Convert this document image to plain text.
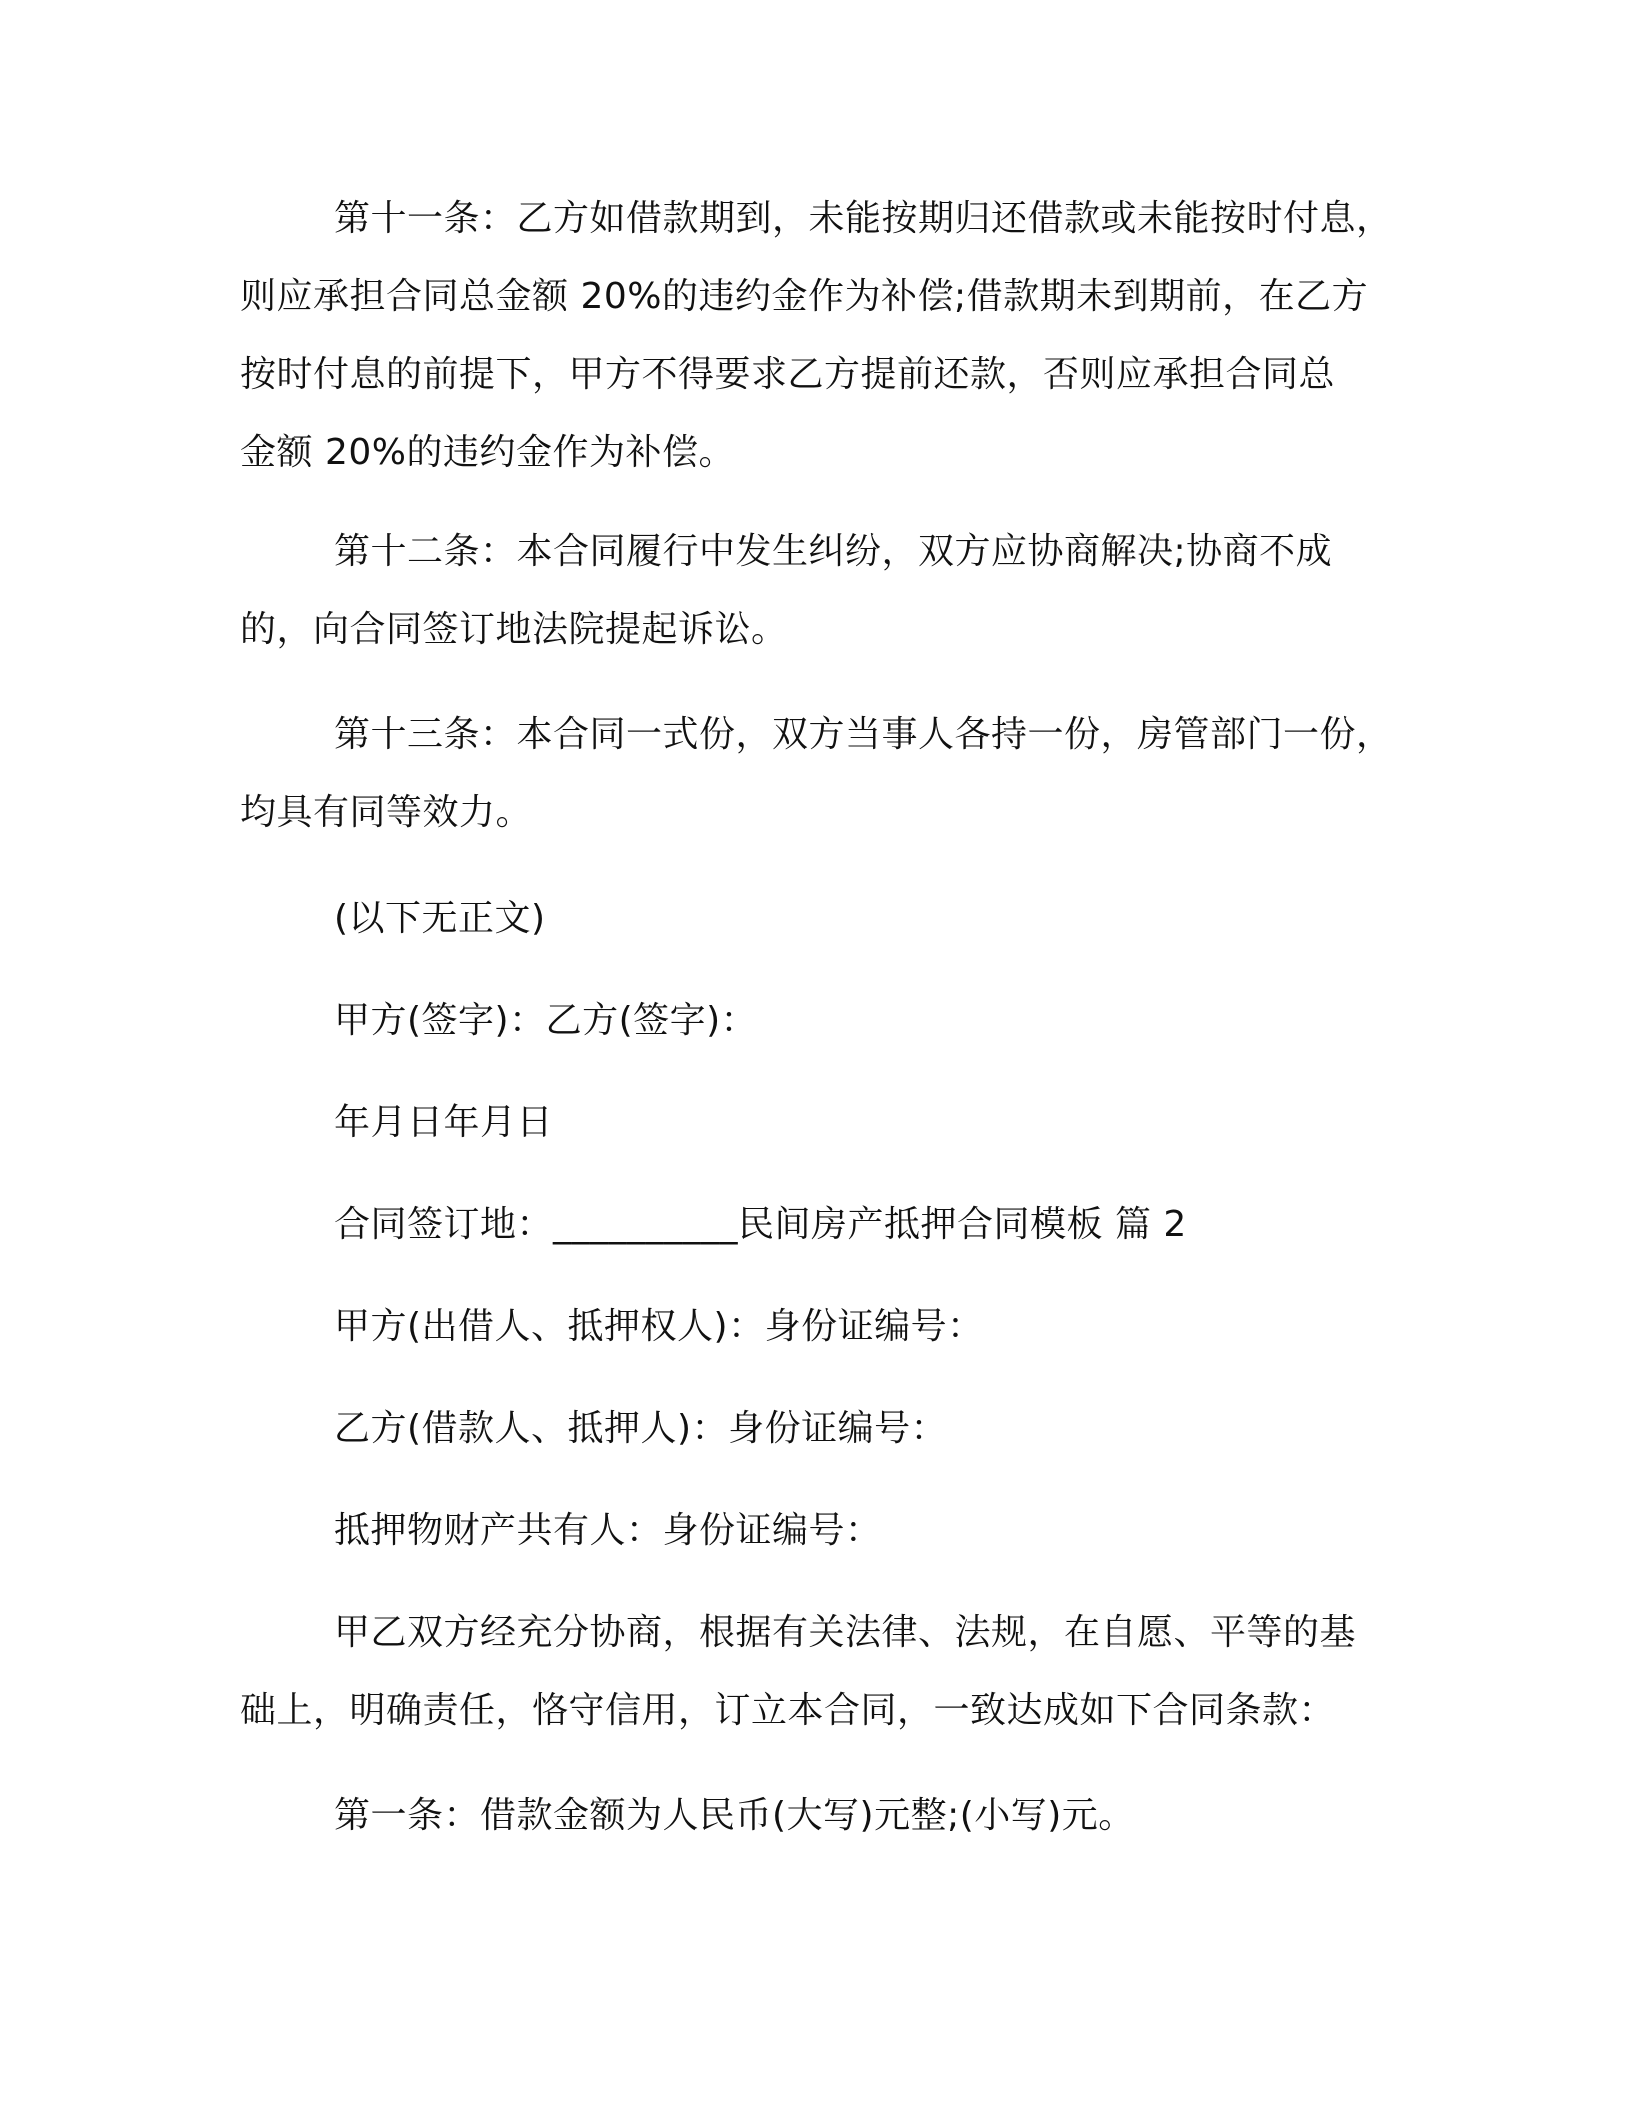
第十一条：乙方如借款期到，未能按期归还借款或未能按时付息，
则应承担合同总金额 20%的违约金作为补偿;借款期未到期前，在乙方
按时付息的前提下，甲方不得要求乙方提前还款，否则应承担合同总
金额 20%的违约金作为补偿。

第十二条：本合同履行中发生纠纷，双方应协商解决;协商不成
的，向合同签订地法院提起诉讼。

第十三条：本合同一式份，双方当事人各持一份，房管部门一份，
均具有同等效力。

(以下无正文)

甲方(签字)：乙方(签字)：

年月日年月日

合同签订地：__________民间房产抵押合同模板 篇 2

甲方(出借人、抵押权人)：身份证编号：

乙方(借款人、抵押人)：身份证编号：

抵押物财产共有人：身份证编号：

甲乙双方经充分协商，根据有关法律、法规，在自愿、平等的基
础上，明确责任，恪守信用，订立本合同，一致达成如下合同条款：

第一条：借款金额为人民币(大写)元整;(小写)元。
